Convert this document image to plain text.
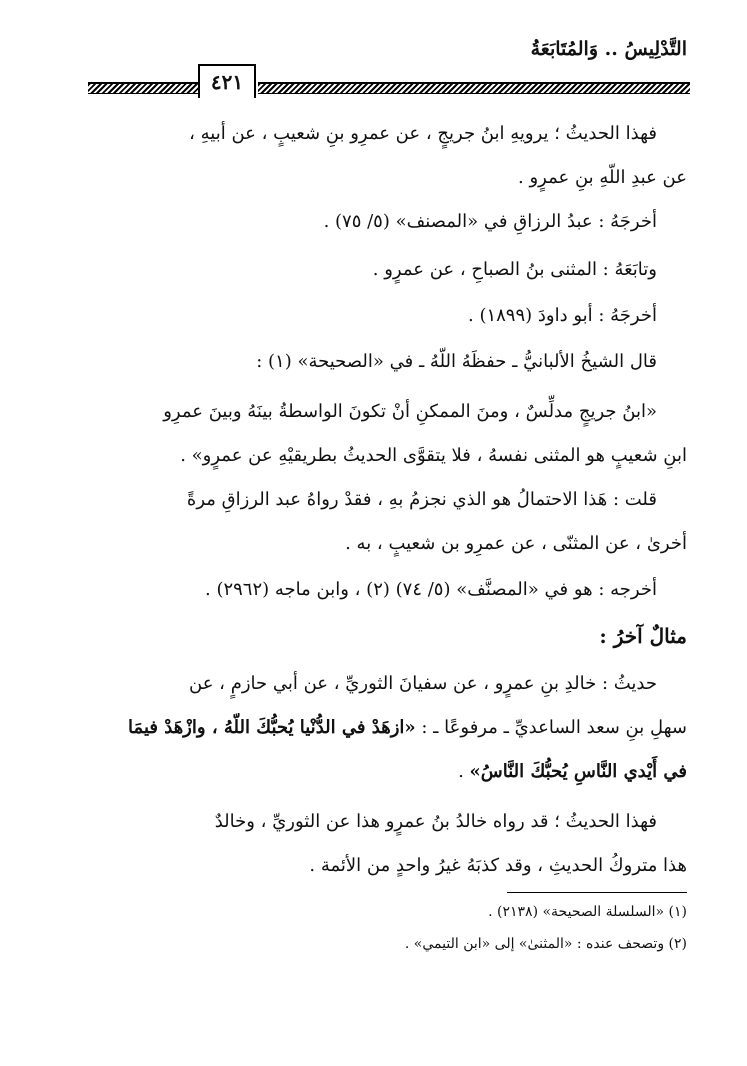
التَّدْلِيسُ .. وَالمُتَابَعَةُ
٤٢١
فهذا الحديثُ ؛ يرويهِ ابنُ جريجٍ ، عن عمرِو بنِ شعيبٍ ، عن أبيهِ ،
عن عبدِ اللّهِ بنِ عمرٍو .
أخرجَهُ : عبدُ الرزاقِ في «المصنف» (٥/ ٧٥) .
وتابَعَهُ : المثنى بنُ الصباحِ ، عن عمرٍو .
أخرجَهُ : أبو داودَ (١٨٩٩) .
قال الشيخُ الألبانيُّ ـ حفظَهُ اللّهُ ـ في «الصحيحة» (١) :
«ابنُ جريجٍ مدلِّسٌ ، ومنَ الممكنِ أنْ تكونَ الواسطةُ بينَهُ وبينَ عمرِو
ابنِ شعيبٍ هو المثنى نفسهُ ، فلا يتقوَّى الحديثُ بطريقيْهِ عن عمرٍو» .
قلت : هَذا الاحتمالُ هو الذي نجزمُ بهِ ، فقدْ رواهُ عبد الرزاقِ مرةً
أخرىٰ ، عن المثنّى ، عن عمرِو بن شعيبٍ ، به .
أخرجه : هو في «المصنَّف» (٥/ ٧٤) (٢) ، وابن ماجه (٢٩٦٢) .
مثالٌ آخرُ :
حديثُ : خالدِ بنِ عمرٍو ، عن سفيانَ الثوريِّ ، عن أبي حازمٍ ، عن
سهلِ بنِ سعد الساعديِّ ـ مرفوعًا ـ : «ازهَدْ في الدُّنْيا يُحبُّكَ اللّهُ ، وازْهَدْ فيمَا
في أَيْدي النَّاسِ يُحبُّكَ النَّاسُ» .
فهذا الحديثُ ؛ قد رواه خالدُ بنُ عمرٍو هذا عن الثوريِّ ، وخالدٌ
هذا متروكُ الحديثِ ، وقد كذبَهُ غيرُ واحدٍ من الأئمة .
(١) «السلسلة الصحيحة» (٢١٣٨) .
(٢) وتصحف عنده : «المثنىٰ» إلى «ابن التيمي» .
